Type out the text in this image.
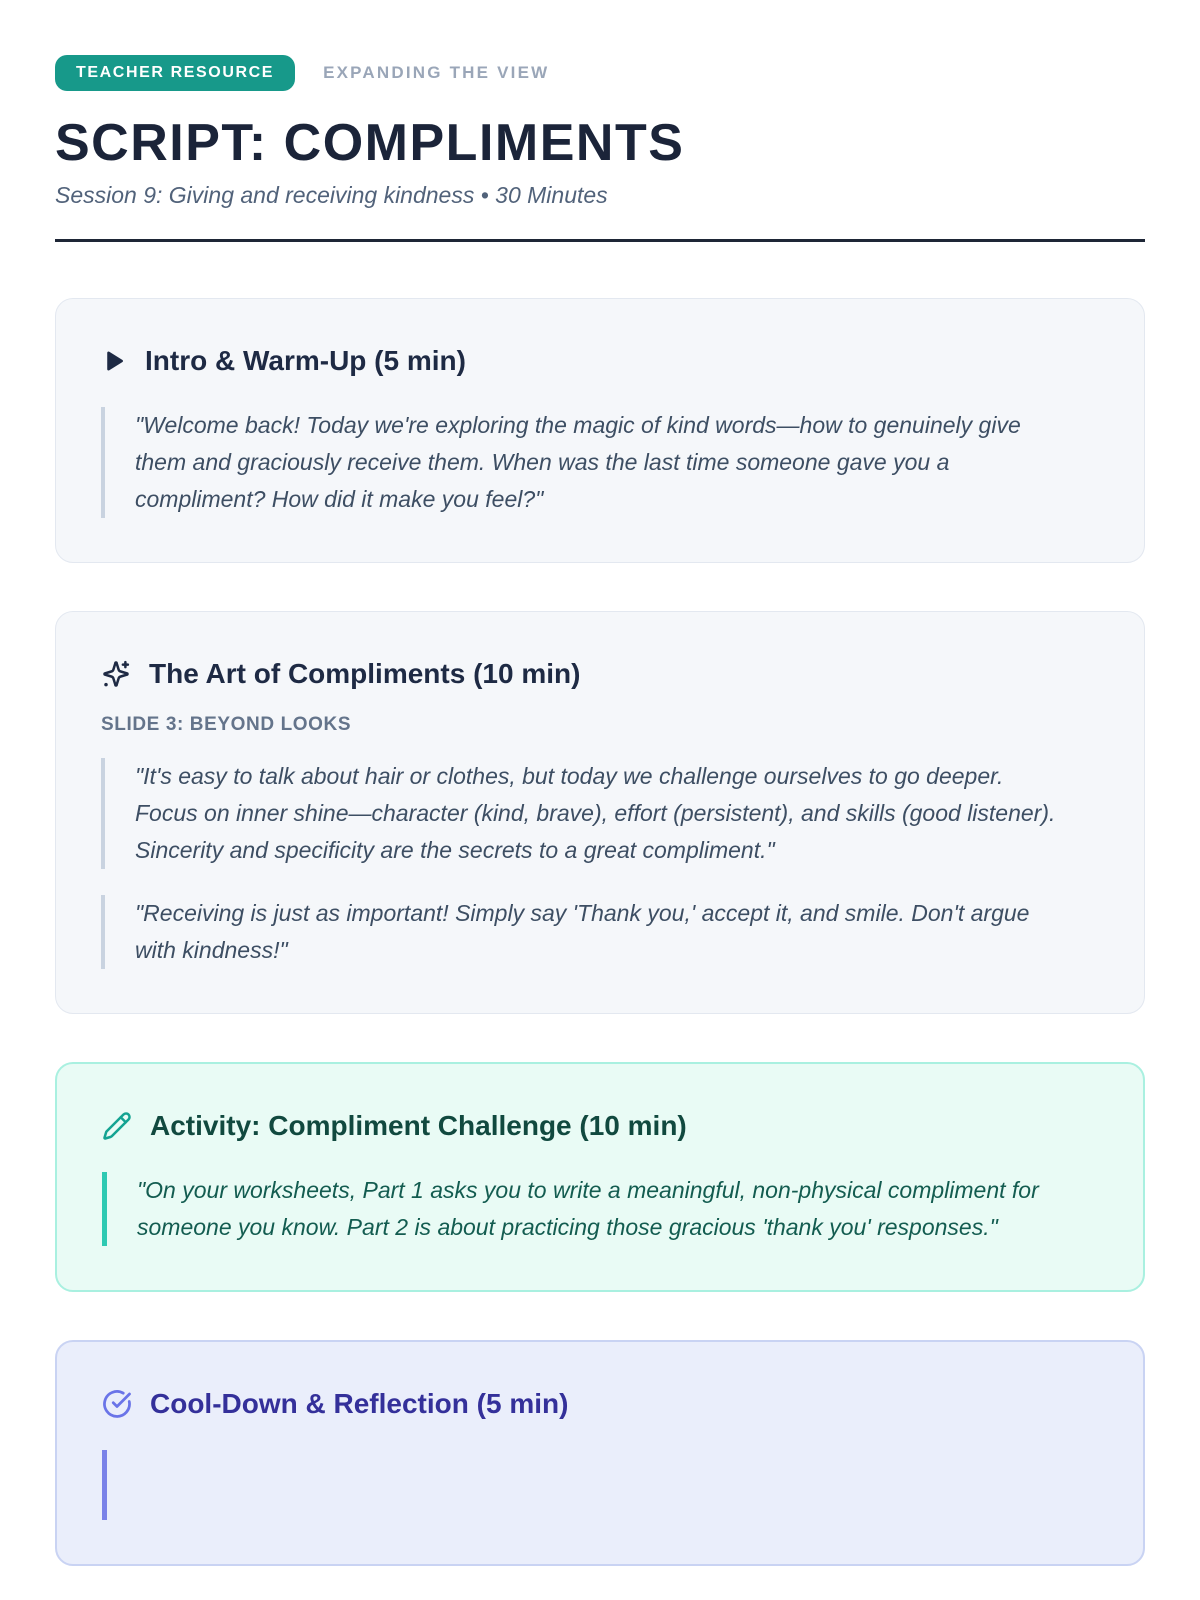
TEACHER RESOURCE	EXPANDING THE VIEW
SCRIPT: COMPLIMENTS
Session 9: Giving and receiving kindness • 30 Minutes
Intro & Warm-Up (5 min)
"Welcome back! Today we're exploring the magic of kind words—how to genuinely give them and graciously receive them. When was the last time someone gave you a compliment? How did it make you feel?"
The Art of Compliments (10 min)
SLIDE 3: BEYOND LOOKS
"It's easy to talk about hair or clothes, but today we challenge ourselves to go deeper. Focus on inner shine—character (kind, brave), effort (persistent), and skills (good listener). Sincerity and specificity are the secrets to a great compliment."
"Receiving is just as important! Simply say 'Thank you,' accept it, and smile. Don't argue with kindness!"
Activity: Compliment Challenge (10 min)
"On your worksheets, Part 1 asks you to write a meaningful, non-physical compliment for someone you know. Part 2 is about practicing those gracious 'thank you' responses."
Cool-Down & Reflection (5 min)
